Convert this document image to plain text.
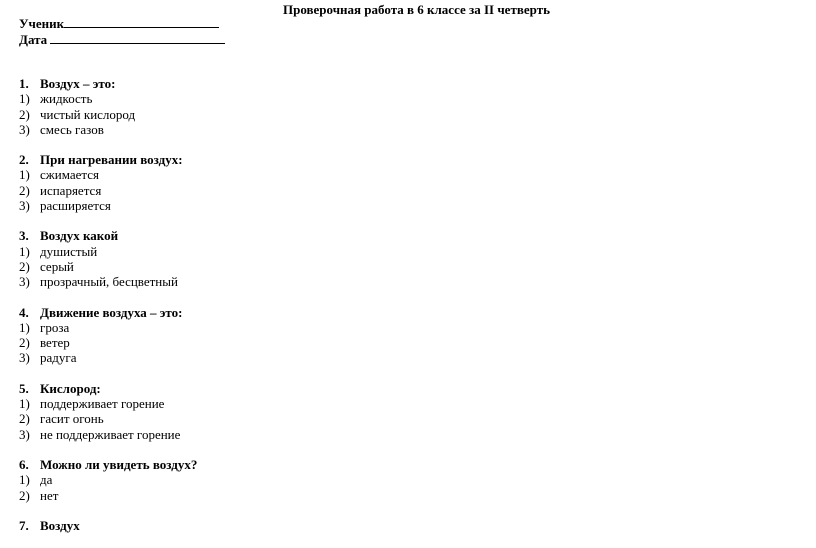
Проверочная работа в 6 классе за II четверть
Ученик
Дата
1. Воздух – это:
1) жидкость
2) чистый кислород
3) смесь газов
2. При нагревании воздух:
1) сжимается
2) испаряется
3) расширяется
3. Воздух какой
1) душистый
2) серый
3) прозрачный, бесцветный
4. Движение воздуха – это:
1) гроза
2) ветер
3) радуга
5. Кислород:
1) поддерживает горение
2) гасит огонь
3) не поддерживает горение
6. Можно ли увидеть воздух?
1) да
2) нет
7. Воздух
